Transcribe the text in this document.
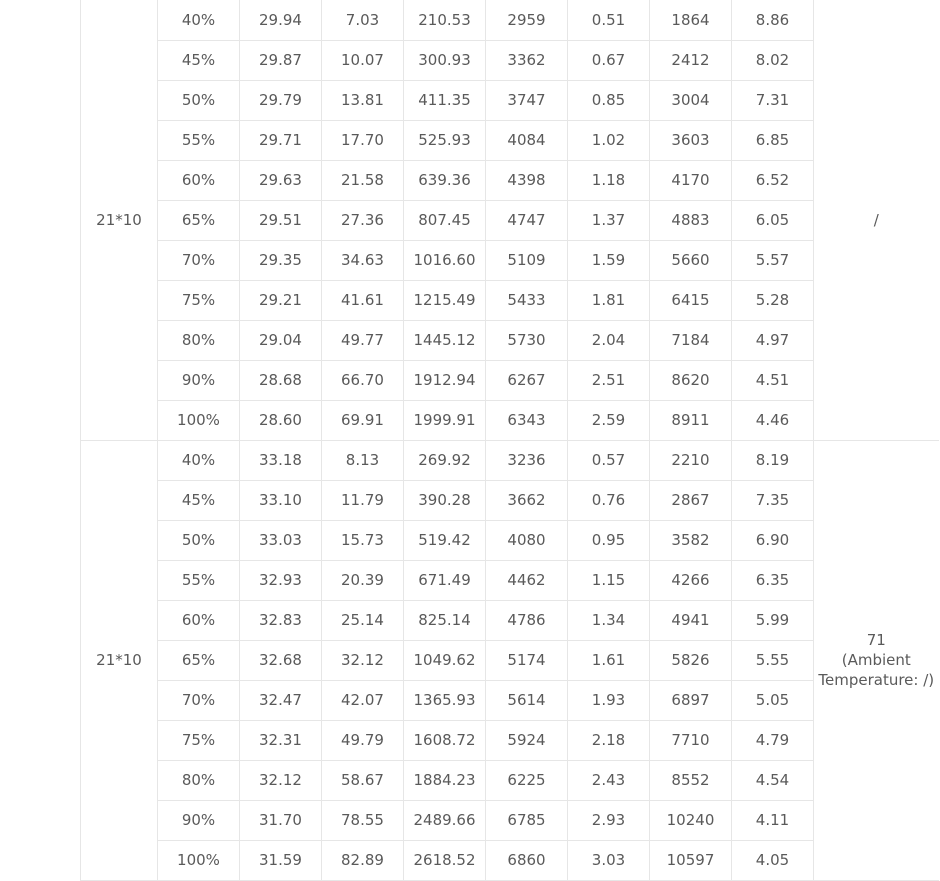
21*10	40%	29.94	7.03	210.53	2959	0.51	1864	8.86	/

	45%	29.87	10.07	300.93	3362	0.67	2412	8.02	
	50%	29.79	13.81	411.35	3747	0.85	3004	7.31	
	55%	29.71	17.70	525.93	4084	1.02	3603	6.85	
	60%	29.63	21.58	639.36	4398	1.18	4170	6.52	
	65%	29.51	27.36	807.45	4747	1.37	4883	6.05	
	70%	29.35	34.63	1016.60	5109	1.59	5660	5.57	
	75%	29.21	41.61	1215.49	5433	1.81	6415	5.28	
	80%	29.04	49.77	1445.12	5730	2.04	7184	4.97	
	90%	28.68	66.70	1912.94	6267	2.51	8620	4.51	
	100%	28.60	69.91	1999.91	6343	2.59	8911	4.46	
21*10	40%	33.18	8.13	269.92	3236	0.57	2210	8.19	71
(Ambient
Temperature: /)

	45%	33.10	11.79	390.28	3662	0.76	2867	7.35	
	50%	33.03	15.73	519.42	4080	0.95	3582	6.90	
	55%	32.93	20.39	671.49	4462	1.15	4266	6.35	
	60%	32.83	25.14	825.14	4786	1.34	4941	5.99	
	65%	32.68	32.12	1049.62	5174	1.61	5826	5.55	
	70%	32.47	42.07	1365.93	5614	1.93	6897	5.05	
	75%	32.31	49.79	1608.72	5924	2.18	7710	4.79	
	80%	32.12	58.67	1884.23	6225	2.43	8552	4.54	
	90%	31.70	78.55	2489.66	6785	2.93	10240	4.11	
	100%	31.59	82.89	2618.52	6860	3.03	10597	4.05	
